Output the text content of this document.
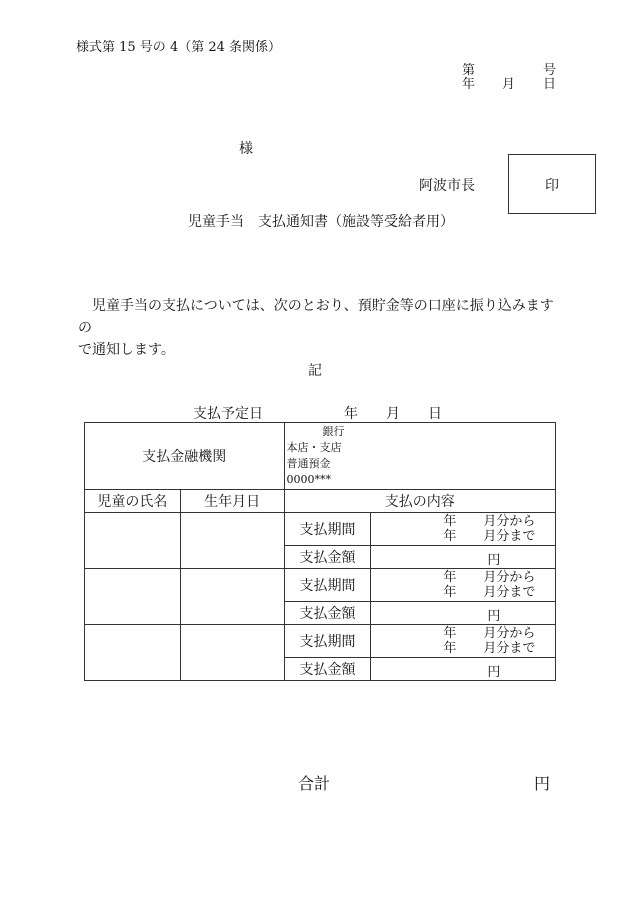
様式第 15 号の 4（第 24 条関係）
第	号
年 月 日
様
阿波市長	印
児童手当　支払通知書（施設等受給者用）
児童手当の支払については、次のとおり、預貯金等の口座に振り込みますの
で通知します。
記
支払予定日	年 月 日
支払金融機関		銀行
本店・支店
普通預金
0000***	

児童の氏名	生年月日	支払の内容	
		支払期間	年 月分から
年 月分まで

		支払金額	円

		支払期間	年 月分から
年 月分まで

		支払金額	円

		支払期間	年 月分から
年 月分まで

		支払金額	円
合計	円
